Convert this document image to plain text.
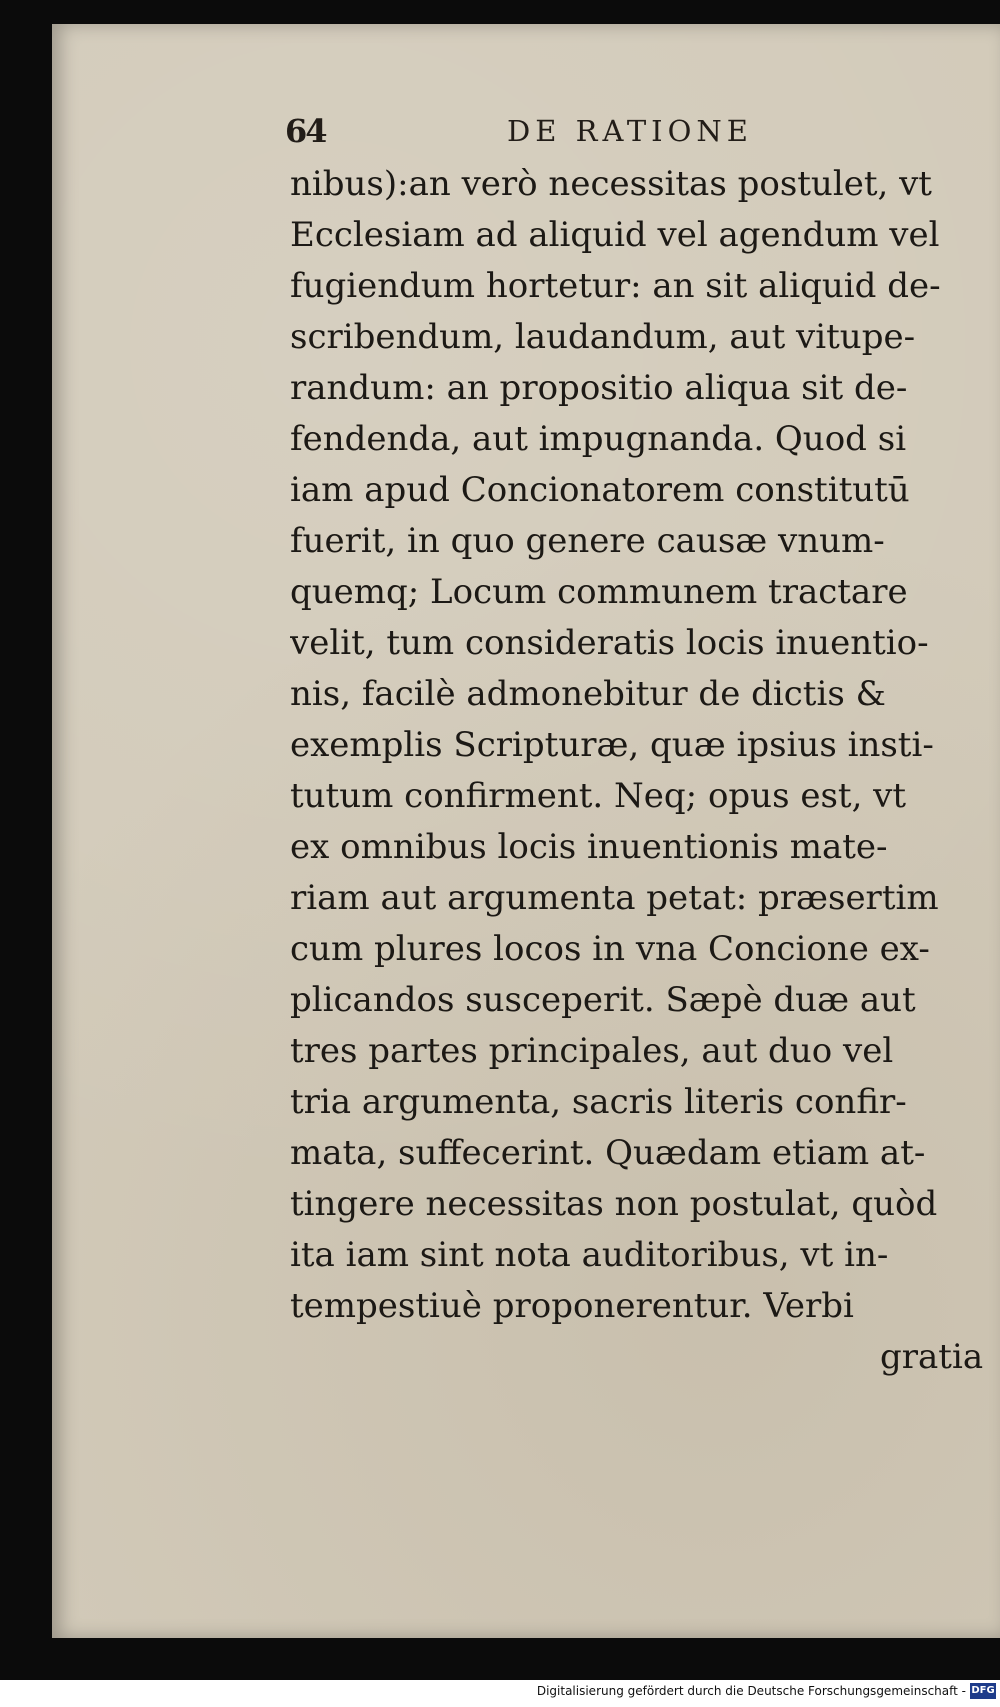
64	DE RATIONE
nibus):an verò necessitas postulet, vt
Ecclesiam ad aliquid vel agendum vel
fugiendum hortetur: an sit aliquid de-
scribendum, laudandum, aut vitupe-
randum: an propositio aliqua sit de-
fendenda, aut impugnanda. Quod si
iam apud Concionatorem constitutū
fuerit, in quo genere causæ vnum-
quemq; Locum communem tractare
velit, tum consideratis locis inuentio-
nis, facilè admonebitur de dictis &
exemplis Scripturæ, quæ ipsius insti-
tutum confirment. Neq; opus est, vt
ex omnibus locis inuentionis mate-
riam aut argumenta petat: præsertim
cum plures locos in vna Concione ex-
plicandos susceperit. Sæpè duæ aut
tres partes principales, aut duo vel
tria argumenta, sacris literis confir-
mata, suffecerint. Quædam etiam at-
tingere necessitas non postulat, quòd
ita iam sint nota auditoribus, vt in-
tempestiuè proponerentur. Verbi
gratia
Digitalisierung gefördert durch die Deutsche Forschungsgemeinschaft - DFG
